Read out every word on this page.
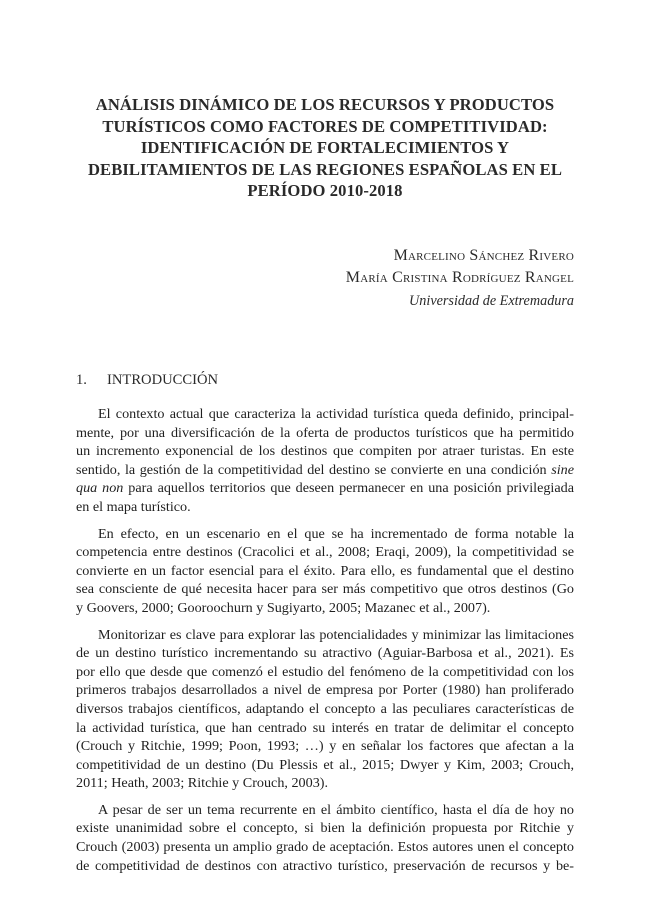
ANÁLISIS DINÁMICO DE LOS RECURSOS Y PRODUCTOS
TURÍSTICOS COMO FACTORES DE COMPETITIVIDAD:
IDENTIFICACIÓN DE FORTALECIMIENTOS Y
DEBILITAMIENTOS DE LAS REGIONES ESPAÑOLAS EN EL
PERÍODO 2010-2018
Marcelino Sánchez Rivero
María Cristina Rodríguez Rangel
Universidad de Extremadura
1. INTRODUCCIÓN
El contexto actual que caracteriza la actividad turística queda definido, principal-
mente, por una diversificación de la oferta de productos turísticos que ha permitido
un incremento exponencial de los destinos que compiten por atraer turistas. En este
sentido, la gestión de la competitividad del destino se convierte en una condición sine
qua non para aquellos territorios que deseen permanecer en una posición privilegiada
en el mapa turístico.
En efecto, en un escenario en el que se ha incrementado de forma notable la
competencia entre destinos (Cracolici et al., 2008; Eraqi, 2009), la competitividad se
convierte en un factor esencial para el éxito. Para ello, es fundamental que el destino
sea consciente de qué necesita hacer para ser más competitivo que otros destinos (Go
y Goovers, 2000; Gooroochurn y Sugiyarto, 2005; Mazanec et al., 2007).
Monitorizar es clave para explorar las potencialidades y minimizar las limitaciones
de un destino turístico incrementando su atractivo (Aguiar-Barbosa et al., 2021). Es
por ello que desde que comenzó el estudio del fenómeno de la competitividad con los
primeros trabajos desarrollados a nivel de empresa por Porter (1980) han proliferado
diversos trabajos científicos, adaptando el concepto a las peculiares características de
la actividad turística, que han centrado su interés en tratar de delimitar el concepto
(Crouch y Ritchie, 1999; Poon, 1993; …) y en señalar los factores que afectan a la
competitividad de un destino (Du Plessis et al., 2015; Dwyer y Kim, 2003; Crouch,
2011; Heath, 2003; Ritchie y Crouch, 2003).
A pesar de ser un tema recurrente en el ámbito científico, hasta el día de hoy no
existe unanimidad sobre el concepto, si bien la definición propuesta por Ritchie y
Crouch (2003) presenta un amplio grado de aceptación. Estos autores unen el concepto
de competitividad de destinos con atractivo turístico, preservación de recursos y be-
